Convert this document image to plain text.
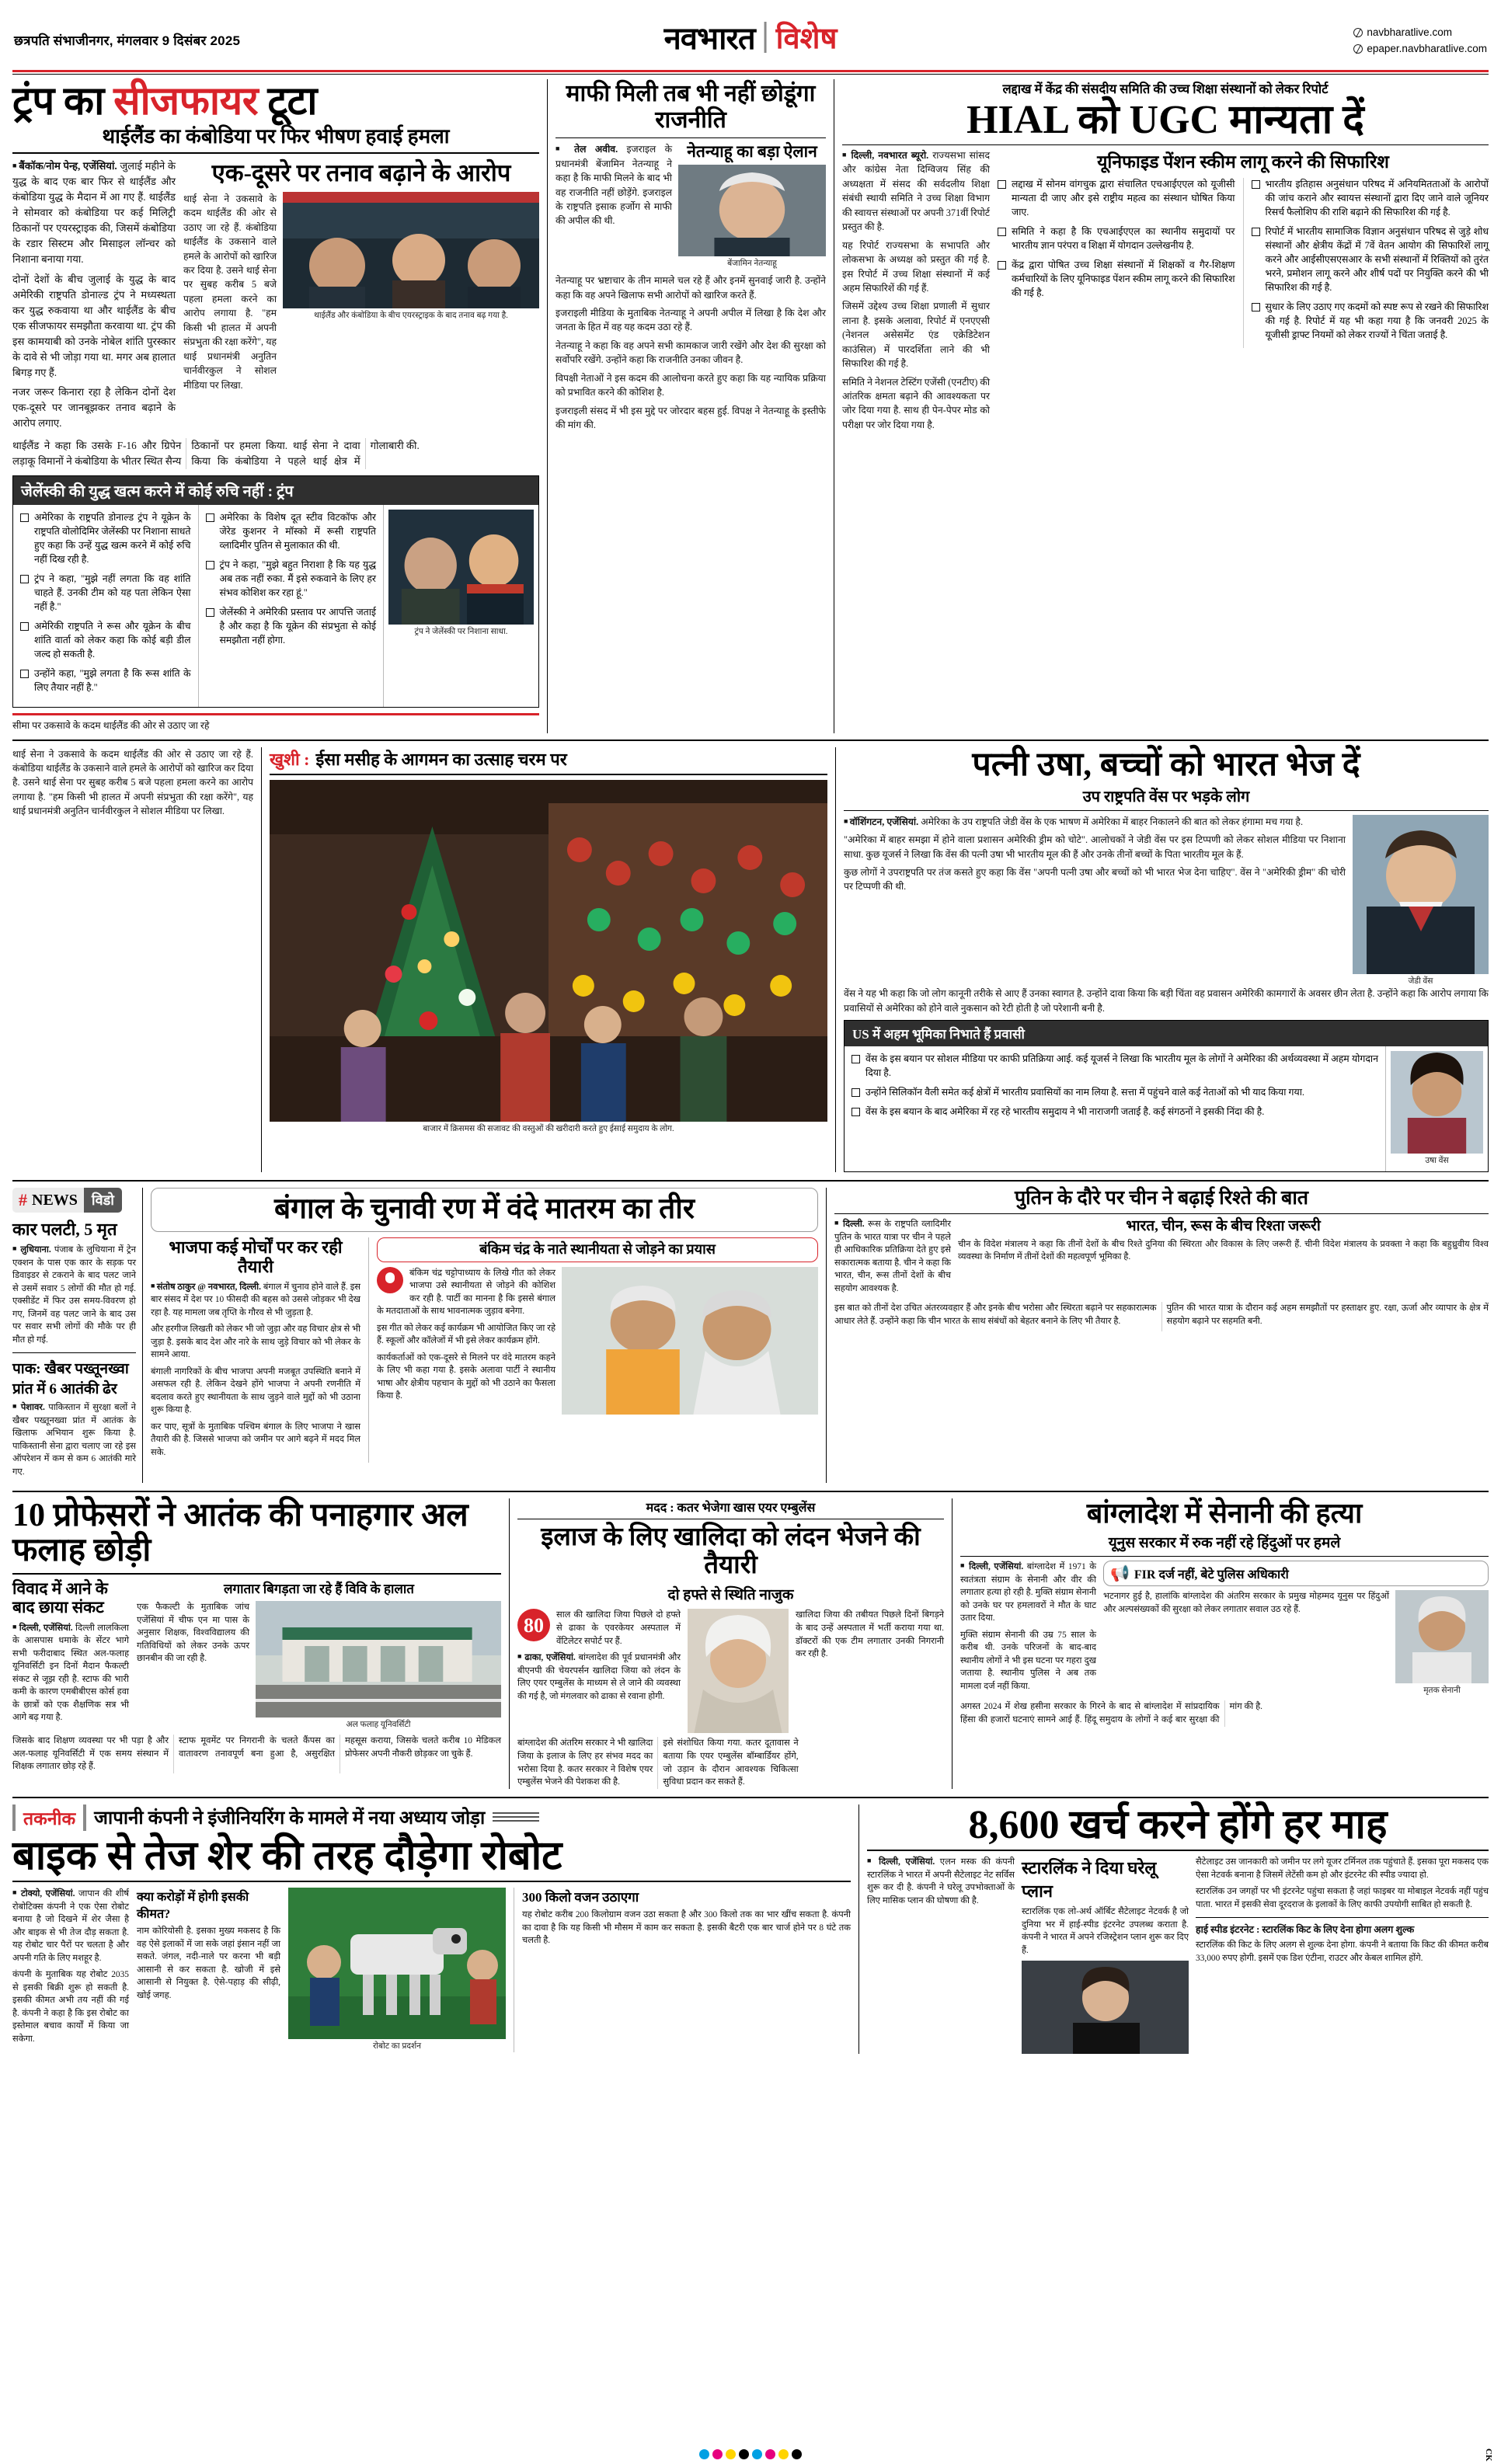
छत्रपति संभाजीनगर, मंगलवार 9 दिसंबर 2025	नवभारत विशेष	navbharatlive.com
epaper.navbharatlive.com
ट्रंप का सीजफायर टूटा
थाईलैंड का कंबोडिया पर फिर भीषण हवाई हमला

■ बैंकॉक/नोम पेन्ह, एजेंसियां. जुलाई महीने के युद्ध के बाद एक बार फिर से थाईलैंड और कंबोडिया युद्ध के मैदान में आ गए हैं. थाईलैंड ने सोमवार को कंबोडिया पर कई मिलिट्री ठिकानों पर एयरस्ट्राइक की, जिसमें कंबोडिया के रडार सिस्टम और मिसाइल लॉन्चर को निशाना बनाया गया.

दोनों देशों के बीच जुलाई के युद्ध के बाद अमेरिकी राष्ट्रपति डोनाल्ड ट्रंप ने मध्यस्थता कर युद्ध रुकवाया था और थाईलैंड के बीच एक सीजफायर समझौता करवाया था. ट्रंप की इस कामयाबी को उनके नोबेल शांति पुरस्कार के दावे से भी जोड़ा गया था. मगर अब हालात बिगड़ गए हैं.

नजर जरूर किनारा रहा है लेकिन दोनों देश एक-दूसरे पर जानबूझकर तनाव बढ़ाने के आरोप लगाए.

एक-दूसरे पर तनाव बढ़ाने के आरोप

थाई सेना ने उकसावे के कदम थाईलैंड की ओर से उठाए जा रहे हैं. कंबोडिया थाईलैंड के उकसाने वाले हमले के आरोपों को खारिज कर दिया है. उसने थाई सेना पर सुबह करीब 5 बजे पहला हमला करने का आरोप लगाया है. "हम किसी भी हालत में अपनी संप्रभुता की रक्षा करेंगे", यह थाई प्रधानमंत्री अनुतिन चार्नवीरकुल ने सोशल मीडिया पर लिखा.

थाईलैंड और कंबोडिया के बीच एयरस्ट्राइक के बाद तनाव बढ़ गया है.

थाईलैंड ने कहा कि उसके F-16 और ग्रिपेन लड़ाकू विमानों ने कंबोडिया के भीतर स्थित सैन्य ठिकानों पर हमला किया. थाई सेना ने दावा किया कि कंबोडिया ने पहले थाई क्षेत्र में गोलाबारी की.

जेलेंस्की की युद्ध खत्म करने में कोई रुचि नहीं : ट्रंप
अमेरिका के राष्ट्रपति डोनाल्ड ट्रंप ने यूक्रेन के राष्ट्रपति वोलोदिमिर जेलेंस्की पर निशाना साधते हुए कहा कि उन्हें युद्ध खत्म करने में कोई रुचि नहीं दिख रही है.
ट्रंप ने कहा, "मुझे नहीं लगता कि वह शांति चाहते हैं. उनकी टीम को यह पता लेकिन ऐसा नहीं है."
अमेरिकी राष्ट्रपति ने रूस और यूक्रेन के बीच शांति वार्ता को लेकर कहा कि कोई बड़ी डील जल्द हो सकती है.
उन्होंने कहा, "मुझे लगता है कि रूस शांति के लिए तैयार नहीं है."
अमेरिका के विशेष दूत स्टीव विटकॉफ और जेरेड कुशनर ने मॉस्को में रूसी राष्ट्रपति व्लादिमीर पुतिन से मुलाकात की थी.
ट्रंप ने कहा, "मुझे बहुत निराशा है कि यह युद्ध अब तक नहीं रुका. मैं इसे रुकवाने के लिए हर संभव कोशिश कर रहा हूं."
जेलेंस्की ने अमेरिकी प्रस्ताव पर आपत्ति जताई है और कहा है कि यूक्रेन की संप्रभुता से कोई समझौता नहीं होगा.
ट्रंप ने जेलेंस्की पर निशाना साधा.

सीमा पर उकसावे के कदम थाईलैंड की ओर से उठाए जा रहे

माफी मिली तब भी नहीं छोडूंगा राजनीति

■ तेल अवीव. इजराइल के प्रधानमंत्री बेंजामिन नेतन्याहू ने कहा है कि माफी मिलने के बाद भी वह राजनीति नहीं छोड़ेंगे. इजराइल के राष्ट्रपति इसाक हर्जोग से माफी की अपील की थी.

नेतन्याहू का बड़ा ऐलान
बेंजामिन नेतन्याहू

नेतन्याहू पर भ्रष्टाचार के तीन मामले चल रहे हैं और इनमें सुनवाई जारी है. उन्होंने कहा कि वह अपने खिलाफ सभी आरोपों को खारिज करते हैं.

इजराइली मीडिया के मुताबिक नेतन्याहू ने अपनी अपील में लिखा है कि देश और जनता के हित में वह यह कदम उठा रहे हैं.

नेतन्याहू ने कहा कि वह अपने सभी कामकाज जारी रखेंगे और देश की सुरक्षा को सर्वोपरि रखेंगे. उन्होंने कहा कि राजनीति उनका जीवन है.

विपक्षी नेताओं ने इस कदम की आलोचना करते हुए कहा कि यह न्यायिक प्रक्रिया को प्रभावित करने की कोशिश है.

इजराइली संसद में भी इस मुद्दे पर जोरदार बहस हुई. विपक्ष ने नेतन्याहू के इस्तीफे की मांग की.

लद्दाख में केंद्र की संसदीय समिति की उच्च शिक्षा संस्थानों को लेकर रिपोर्ट
HIAL को UGC मान्यता दें

■ दिल्ली, नवभारत ब्यूरो. राज्यसभा सांसद और कांग्रेस नेता दिग्विजय सिंह की अध्यक्षता में संसद की सर्वदलीय शिक्षा संबंधी स्थायी समिति ने उच्च शिक्षा विभाग की स्वायत्त संस्थाओं पर अपनी 371वीं रिपोर्ट प्रस्तुत की है.

यह रिपोर्ट राज्यसभा के सभापति और लोकसभा के अध्यक्ष को प्रस्तुत की गई है. इस रिपोर्ट में उच्च शिक्षा संस्थानों में कई अहम सिफारिशें की गई हैं.

जिसमें उद्देश्य उच्च शिक्षा प्रणाली में सुधार लाना है. इसके अलावा, रिपोर्ट में एनएएसी (नेशनल असेसमेंट एंड एक्रेडिटेशन काउंसिल) में पारदर्शिता लाने की भी सिफारिश की गई है.

समिति ने नेशनल टेस्टिंग एजेंसी (एनटीए) की आंतरिक क्षमता बढ़ाने की आवश्यकता पर जोर दिया गया है. साथ ही पेन-पेपर मोड को परीक्षा पर जोर दिया गया है.

यूनिफाइड पेंशन स्कीम लागू करने की सिफारिश
लद्दाख में सोनम वांगचुक द्वारा संचालित एचआईएएल को यूजीसी मान्यता दी जाए और इसे राष्ट्रीय महत्व का संस्थान घोषित किया जाए.
समिति ने कहा है कि एचआईएएल का स्थानीय समुदायों पर भारतीय ज्ञान परंपरा व शिक्षा में योगदान उल्लेखनीय है.
केंद्र द्वारा पोषित उच्च शिक्षा संस्थानों में शिक्षकों व गैर-शिक्षण कर्मचारियों के लिए यूनिफाइड पेंशन स्कीम लागू करने की सिफारिश की गई है.
भारतीय इतिहास अनुसंधान परिषद में अनियमितताओं के आरोपों की जांच कराने और स्वायत्त संस्थानों द्वारा दिए जाने वाले जूनियर रिसर्च फैलोशिप की राशि बढ़ाने की सिफारिश की गई है.
रिपोर्ट में भारतीय सामाजिक विज्ञान अनुसंधान परिषद से जुड़े शोध संस्थानों और क्षेत्रीय केंद्रों में 7वें वेतन आयोग की सिफारिशें लागू करने और आईसीएसएसआर के सभी संस्थानों में रिक्तियों को तुरंत भरने, प्रमोशन लागू करने और शीर्ष पदों पर नियुक्ति करने की भी सिफारिश की गई है.
सुधार के लिए उठाए गए कदमों को स्पष्ट रूप से रखने की सिफारिश की गई है. रिपोर्ट में यह भी कहा गया है कि जनवरी 2025 के यूजीसी ड्राफ्ट नियमों को लेकर राज्यों ने चिंता जताई है.

थाई सेना ने उकसावे के कदम थाईलैंड की ओर से उठाए जा रहे हैं. कंबोडिया थाईलैंड के उकसाने वाले हमले के आरोपों को खारिज कर दिया है. उसने थाई सेना पर सुबह करीब 5 बजे पहला हमला करने का आरोप लगाया है. "हम किसी भी हालत में अपनी संप्रभुता की रक्षा करेंगे", यह थाई प्रधानमंत्री अनुतिन चार्नवीरकुल ने सोशल मीडिया पर लिखा.

खुशी : ईसा मसीह के आगमन का उत्साह चरम पर
बाजार में क्रिसमस की सजावट की वस्तुओं की खरीदारी करते हुए ईसाई समुदाय के लोग.
पत्नी उषा, बच्चों को भारत भेज दें
उप राष्ट्रपति वेंस पर भड़के लोग

■ वॉशिंगटन, एजेंसियां. अमेरिका के उप राष्ट्रपति जेडी वेंस के एक भाषण में अमेरिका में बाहर निकालने की बात को लेकर हंगामा मच गया है.

"अमेरिका में बाहर समझा में होने वाला प्रशासन अमेरिकी ड्रीम को चोटे". आलोचकों ने जेडी वेंस पर इस टिप्पणी को लेकर सोशल मीडिया पर निशाना साधा. कुछ यूजर्स ने लिखा कि वेंस की पत्नी उषा भी भारतीय मूल की हैं और उनके तीनों बच्चों के पिता भारतीय मूल के हैं.

कुछ लोगों ने उपराष्ट्रपति पर तंज कसते हुए कहा कि वेंस "अपनी पत्नी उषा और बच्चों को भी भारत भेज देना चाहिए". वेंस ने "अमेरिकी ड्रीम" की चोरी पर टिप्पणी की थी.

जेडी वेंस

वेंस ने यह भी कहा कि जो लोग कानूनी तरीके से आए हैं उनका स्वागत है. उन्होंने दावा किया कि बड़ी चिंता वह प्रवासन अमेरिकी कामगारों के अवसर छीन लेता है. उन्होंने कहा कि आरोप लगाया कि प्रवासियों से अमेरिका को होने वाले नुकसान को रेटी होती है जो परेशानी बनी है.

US में अहम भूमिका निभाते हैं प्रवासी
वेंस के इस बयान पर सोशल मीडिया पर काफी प्रतिक्रिया आई. कई यूजर्स ने लिखा कि भारतीय मूल के लोगों ने अमेरिका की अर्थव्यवस्था में अहम योगदान दिया है.
उन्होंने सिलिकॉन वैली समेत कई क्षेत्रों में भारतीय प्रवासियों का नाम लिया है. सत्ता में पहुंचने वाले कई नेताओं को भी याद किया गया.
वेंस के इस बयान के बाद अमेरिका में रह रहे भारतीय समुदाय ने भी नाराजगी जताई है. कई संगठनों ने इसकी निंदा की है.
उषा वेंस
# NEWS	विडो
कार पलटी, 5 मृत

■ लुधियाना. पंजाब के लुधियाना में ट्रेन एक्शन के पास एक कार के सड़क पर डिवाइडर से टकराने के बाद पलट जाने से उसमें सवार 5 लोगों की मौत हो गई. एक्सीडेंट में फिर उस समय-विवरण हो गए, जिनमें वह पलट जाने के बाद उस पर सवार सभी लोगों की मौके पर ही मौत हो गई.

पाक: खैबर पख्तूनख्वा प्रांत में 6 आतंकी ढेर

■ पेशावर. पाकिस्तान में सुरक्षा बलों ने खैबर पख्तूनख्वा प्रांत में आतंक के खिलाफ अभियान शुरू किया है. पाकिस्तानी सेना द्वारा चलाए जा रहे इस ऑपरेशन में कम से कम 6 आतंकी मारे गए.

बंगाल के चुनावी रण में वंदे मातरम का तीर
भाजपा कई मोर्चों पर कर रही तैयारी

■ संतोष ठाकुर @ नवभारत, दिल्ली. बंगाल में चुनाव होने वाले हैं. इस बार संसद में देश पर 10 फीसदी की बहस को उससे जोड़कर भी देख रहा है. यह मामला जब तृप्ति के गौरव से भी जुड़ता है.

और हरगीज लिखती को लेकर भी जो जुड़ा और वह विचार क्षेत्र से भी जुड़ा है. इसके बाद देश और नारे के साथ जुड़े विचार को भी लेकर के सामने आया.

बंगाली नागरिकों के बीच भाजपा अपनी मजबूत उपस्थिति बनाने में असफल रही है. लेकिन देखने होंगे भाजपा ने अपनी रणनीति में बदलाव करते हुए स्थानीयता के साथ जुड़ने वाले मुद्दों को भी उठाना शुरू किया है.

कर पाए, सूत्रों के मुताबिक पश्चिम बंगाल के लिए भाजपा ने खास तैयारी की है. जिससे भाजपा को जमीन पर आगे बढ़ने में मदद मिल सके.

बंकिम चंद्र के नाते स्थानीयता से जोड़ने का प्रयास

बंकिम चंद्र चट्टोपाध्याय के लिखे गीत को लेकर भाजपा उसे स्थानीयता से जोड़ने की कोशिश कर रही है. पार्टी का मानना है कि इससे बंगाल के मतदाताओं के साथ भावनात्मक जुड़ाव बनेगा.

इस गीत को लेकर कई कार्यक्रम भी आयोजित किए जा रहे हैं. स्कूलों और कॉलेजों में भी इसे लेकर कार्यक्रम होंगे.

कार्यकर्ताओं को एक-दूसरे से मिलने पर वंदे मातरम कहने के लिए भी कहा गया है. इसके अलावा पार्टी ने स्थानीय भाषा और क्षेत्रीय पहचान के मुद्दों को भी उठाने का फैसला किया है.

पुतिन के दौरे पर चीन ने बढ़ाई रिश्ते की बात

■ दिल्ली. रूस के राष्ट्रपति व्लादिमीर पुतिन के भारत यात्रा पर चीन ने पहले ही आधिकारिक प्रतिक्रिया देते हुए इसे सकारात्मक बताया है. चीन ने कहा कि भारत, चीन, रूस तीनों देशों के बीच सहयोग आवश्यक है.

भारत, चीन, रूस के बीच रिश्ता जरूरी

चीन के विदेश मंत्रालय ने कहा कि तीनों देशों के बीच रिश्ते दुनिया की स्थिरता और विकास के लिए जरूरी हैं. चीनी विदेश मंत्रालय के प्रवक्ता ने कहा कि बहुध्रुवीय विश्व व्यवस्था के निर्माण में तीनों देशों की महत्वपूर्ण भूमिका है.

इस बात को तीनों देश उचित अंतरव्यवहार हैं और इनके बीच भरोसा और स्थिरता बढ़ाने पर सहकारात्मक आधार लेते हैं. उन्होंने कहा कि चीन भारत के साथ संबंधों को बेहतर बनाने के लिए भी तैयार है.

पुतिन की भारत यात्रा के दौरान कई अहम समझौतों पर हस्ताक्षर हुए. रक्षा, ऊर्जा और व्यापार के क्षेत्र में सहयोग बढ़ाने पर सहमति बनी.

10 प्रोफेसरों ने आतंक की पनाहगार अल फलाह छोड़ी
विवाद में आने के बाद छाया संकट

■ दिल्ली, एजेंसियां. दिल्ली लालकिला के आसपास धमाके के सेंटर भागे सभी फरीदाबाद स्थित अल-फलाह यूनिवर्सिटी इन दिनों मैदान फैकल्टी संकट से जूझ रही है. स्टाफ की भारी कमी के कारण एमबीबीएस कोर्स हवा के छात्रों को एक शैक्षणिक सत्र भी आगे बढ़ गया है.

लगातार बिगड़ता जा रहे हैं विवि के हालात

एक फैकल्टी के मुताबिक जांच एजेंसियां में चीफ एन मा पास के अनुसार शिक्षक, विश्वविद्यालय की गतिविधियों को लेकर उनके ऊपर छानबीन की जा रही है.

अल फलाह यूनिवर्सिटी

जिसके बाद शिक्षण व्यवस्था पर भी पड़ा है और अल-फलाह यूनिवर्सिटी में एक समय संस्थान में शिक्षक लगातार छोड़ रहे हैं.

स्टाफ मूवमेंट पर निगरानी के चलते कैंपस का वातावरण तनावपूर्ण बना हुआ है, असुरक्षित महसूस कराया, जिसके चलते करीब 10 मेडिकल प्रोफेसर अपनी नौकरी छोड़कर जा चुके हैं.

मदद : कतर भेजेगा खास एयर एम्बुलेंस
इलाज के लिए खालिदा को लंदन भेजने की तैयारी
दो हफ्ते से स्थिति नाजुक
80	साल की खालिदा जिया पिछले दो हफ्ते से ढाका के एवरकेयर अस्पताल में वेंटिलेटर सपोर्ट पर हैं.

■ ढाका, एजेंसियां. बांग्लादेश की पूर्व प्रधानमंत्री और बीएनपी की चेयरपर्सन खालिदा जिया को लंदन के लिए एयर एम्बुलेंस के माध्यम से ले जाने की व्यवस्था की गई है, जो मंगलवार को ढाका से रवाना होगी.

खालिदा जिया की तबीयत पिछले दिनों बिगड़ने के बाद उन्हें अस्पताल में भर्ती कराया गया था. डॉक्टरों की एक टीम लगातार उनकी निगरानी कर रही है.

बांग्लादेश की अंतरिम सरकार ने भी खालिदा जिया के इलाज के लिए हर संभव मदद का भरोसा दिया है. कतर सरकार ने विशेष एयर एम्बुलेंस भेजने की पेशकश की है.

इसे संशोधित किया गया. कतर दूतावास ने बताया कि एयर एम्बुलेंस बॉम्बार्डियर होंगे, जो उड़ान के दौरान आवश्यक चिकित्सा सुविधा प्रदान कर सकते हैं.

बांग्लादेश में सेनानी की हत्या
यूनुस सरकार में रुक नहीं रहे हिंदुओं पर हमले

■ दिल्ली, एजेंसियां. बांग्लादेश में 1971 के स्वतंत्रता संग्राम के सेनानी और वीर की लगातार हत्या हो रही है. मुक्ति संग्राम सेनानी को उनके घर पर हमलावरों ने मौत के घाट उतार दिया.

मुक्ति संग्राम सेनानी की उम्र 75 साल के करीब थी. उनके परिजनों के बाद-बाद स्थानीय लोगों ने भी इस घटना पर गहरा दुख जताया है. स्थानीय पुलिस ने अब तक मामला दर्ज नहीं किया.

📢 FIR दर्ज नहीं, बेटे पुलिस अधिकारी

भटनागर हुई है, हालांकि बांग्लादेश की अंतरिम सरकार के प्रमुख मोहम्मद यूनुस पर हिंदुओं और अल्पसंख्यकों की सुरक्षा को लेकर लगातार सवाल उठ रहे हैं.

मृतक सेनानी

अगस्त 2024 में शेख हसीना सरकार के गिरने के बाद से बांग्लादेश में सांप्रदायिक हिंसा की हजारों घटनाएं सामने आई हैं. हिंदू समुदाय के लोगों ने कई बार सुरक्षा की मांग की है.

तकनीक	जापानी कंपनी ने इंजीनियरिंग के मामले में नया अध्याय जोड़ा
बाइक से तेज शेर की तरह दौड़ेगा रोबोट

■ टोक्यो, एजेंसियां. जापान की शीर्ष रोबोटिक्स कंपनी ने एक ऐसा रोबोट बनाया है जो दिखने में शेर जैसा है और बाइक से भी तेज दौड़ सकता है. यह रोबोट चार पैरों पर चलता है और अपनी गति के लिए मशहूर है.

कंपनी के मुताबिक यह रोबोट 2035 से इसकी बिक्री शुरू हो सकती है. इसकी कीमत अभी तय नहीं की गई है. कंपनी ने कहा है कि इस रोबोट का इस्तेमाल बचाव कार्यों में किया जा सकेगा.

क्या करोड़ों में होगी इसकी कीमत?

नाम कोरियोसी है. इसका मुख्य मकसद है कि वह ऐसे इलाकों में जा सके जहां इंसान नहीं जा सकते. जंगल, नदी-नाले पर करना भी बड़ी आसानी से कर सकता है. खोजी में इसे आसानी से नियुक्त है. ऐसे-पहाड़ की सीढ़ी, खोई जगह.

रोबोट का प्रदर्शन
300 किलो वजन उठाएगा

यह रोबोट करीब 200 किलोग्राम वजन उठा सकता है और 300 किलो तक का भार खींच सकता है. कंपनी का दावा है कि यह किसी भी मौसम में काम कर सकता है. इसकी बैटरी एक बार चार्ज होने पर 8 घंटे तक चलती है.

8,600 खर्च करने होंगे हर माह

■ दिल्ली, एजेंसियां. एलन मस्क की कंपनी स्टारलिंक ने भारत में अपनी सैटेलाइट नेट सर्विस शुरू कर दी है. कंपनी ने घरेलू उपभोक्ताओं के लिए मासिक प्लान की घोषणा की है.

स्टारलिंक ने दिया घरेलू प्लान

स्टारलिंक एक लो-अर्थ ऑर्बिट सैटेलाइट नेटवर्क है जो दुनिया भर में हाई-स्पीड इंटरनेट उपलब्ध कराता है. कंपनी ने भारत में अपने रजिस्ट्रेशन प्लान शुरू कर दिए हैं.

सैटेलाइट उस जानकारी को जमीन पर लगे यूजर टर्मिनल तक पहुंचाते हैं. इसका पूरा मकसद एक ऐसा नेटवर्क बनाना है जिसमें लेटेंसी कम हो और इंटरनेट की स्पीड ज्यादा हो.

स्टारलिंक उन जगहों पर भी इंटरनेट पहुंचा सकता है जहां फाइबर या मोबाइल नेटवर्क नहीं पहुंच पाता. भारत में इसकी सेवा दूरदराज के इलाकों के लिए काफी उपयोगी साबित हो सकती है.

हाई स्पीड इंटरनेट : स्टारलिंक किट के लिए देना होगा अलग शुल्क

स्टारलिंक की किट के लिए अलग से शुल्क देना होगा. कंपनी ने बताया कि किट की कीमत करीब 33,000 रुपए होगी. इसमें एक डिश एंटीना, राउटर और केबल शामिल होंगे.

CK
